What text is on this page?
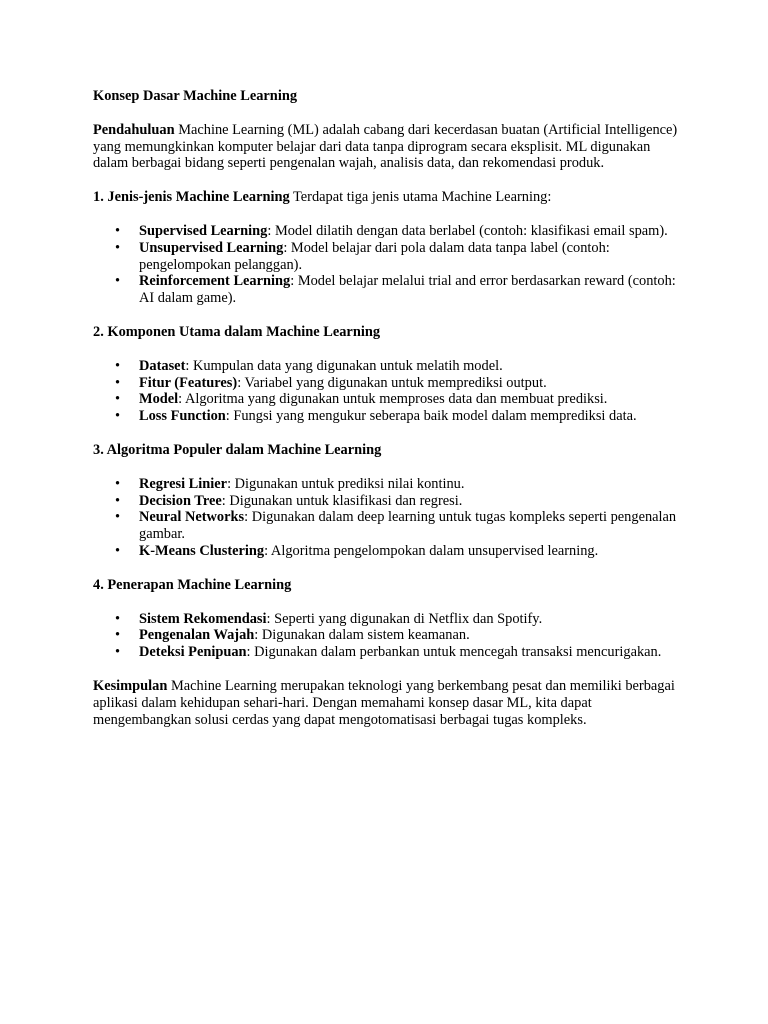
Konsep Dasar Machine Learning

Pendahuluan Machine Learning (ML) adalah cabang dari kecerdasan buatan (Artificial Intelligence) yang memungkinkan komputer belajar dari data tanpa diprogram secara eksplisit. ML digunakan dalam berbagai bidang seperti pengenalan wajah, analisis data, dan rekomendasi produk.

1. Jenis-jenis Machine Learning Terdapat tiga jenis utama Machine Learning:

• Supervised Learning: Model dilatih dengan data berlabel (contoh: klasifikasi email spam).
• Unsupervised Learning: Model belajar dari pola dalam data tanpa label (contoh: pengelompokan pelanggan).
• Reinforcement Learning: Model belajar melalui trial and error berdasarkan reward (contoh: AI dalam game).

2. Komponen Utama dalam Machine Learning

• Dataset: Kumpulan data yang digunakan untuk melatih model.
• Fitur (Features): Variabel yang digunakan untuk memprediksi output.
• Model: Algoritma yang digunakan untuk memproses data dan membuat prediksi.
• Loss Function: Fungsi yang mengukur seberapa baik model dalam memprediksi data.

3. Algoritma Populer dalam Machine Learning

• Regresi Linier: Digunakan untuk prediksi nilai kontinu.
• Decision Tree: Digunakan untuk klasifikasi dan regresi.
• Neural Networks: Digunakan dalam deep learning untuk tugas kompleks seperti pengenalan gambar.
• K-Means Clustering: Algoritma pengelompokan dalam unsupervised learning.

4. Penerapan Machine Learning

• Sistem Rekomendasi: Seperti yang digunakan di Netflix dan Spotify.
• Pengenalan Wajah: Digunakan dalam sistem keamanan.
• Deteksi Penipuan: Digunakan dalam perbankan untuk mencegah transaksi mencurigakan.

Kesimpulan Machine Learning merupakan teknologi yang berkembang pesat dan memiliki berbagai aplikasi dalam kehidupan sehari-hari. Dengan memahami konsep dasar ML, kita dapat mengembangkan solusi cerdas yang dapat mengotomatisasi berbagai tugas kompleks.
